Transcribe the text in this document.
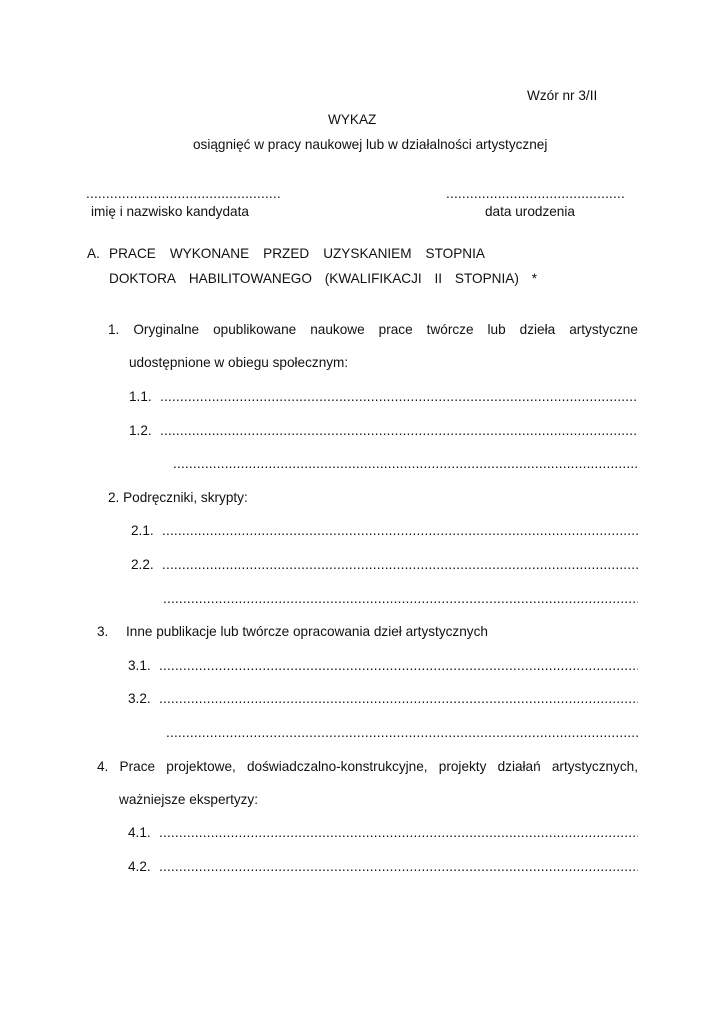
Wzór nr 3/II
WYKAZ
osiągnięć w pracy naukowej lub w działalności artystycznej
.....
.....
imię i nazwisko kandydata	data urodzenia
A. PRACE WYKONANE PRZED UZYSKANIEM STOPNIA
DOKTORA HABILITOWANEGO (KWALIFIKACJI II STOPNIA) *
1. Oryginalne opublikowane naukowe prace twórcze lub dzieła artystyczne
udostępnione w obiegu społecznym:
1.1.
.....
1.2.
.....
.....
2. Podręczniki, skrypty:
2.1.
.....
2.2.
.....
.....
3. Inne publikacje lub twórcze opracowania dzieł artystycznych
3.1.
.....
3.2.
.....
.....
4. Prace projektowe, doświadczalno-konstrukcyjne, projekty działań artystycznych,
ważniejsze ekspertyzy:
4.1.
.....
4.2.
.....
